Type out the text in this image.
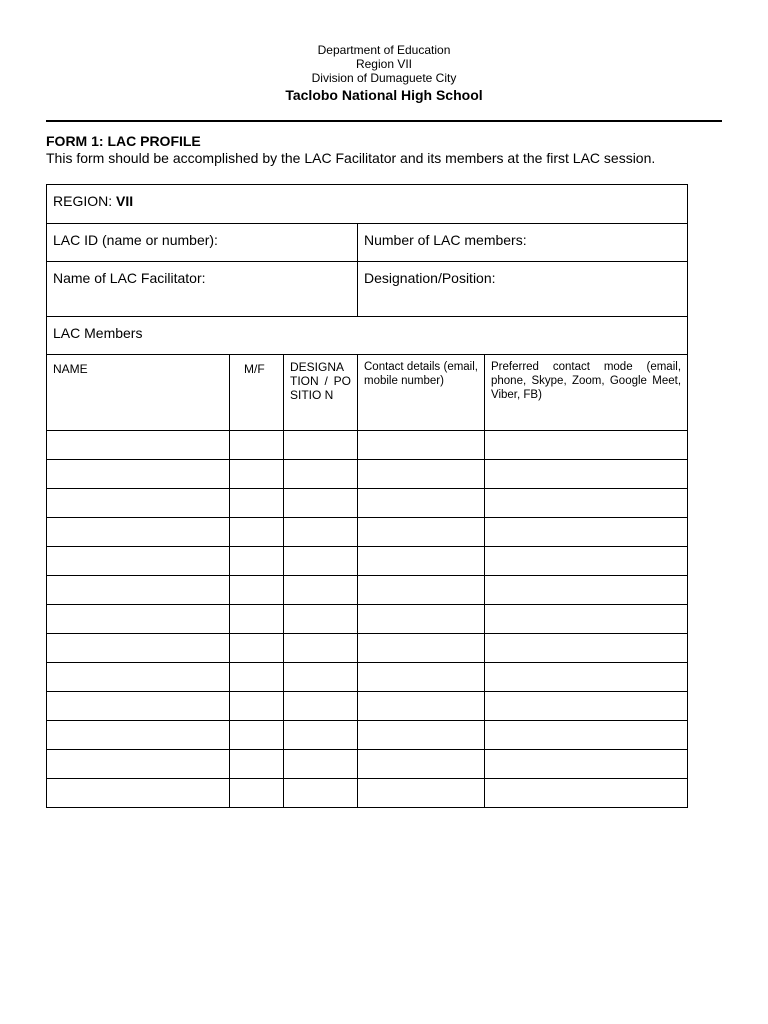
Department of Education
Region VII
Division of Dumaguete City
Taclobo National High School
FORM 1: LAC PROFILE
This form should be accomplished by the LAC Facilitator and its members at the first LAC session.
REGION: VII				
LAC ID (name or number):			Number of LAC members:	
Name of LAC Facilitator:			Designation/Position:	
LAC Members				
NAME	M/F	DESIGNA TION / POSITIO N	Contact details (email, mobile number)	Preferred contact mode (email, phone, Skype, Zoom, Google Meet, Viber, FB)
